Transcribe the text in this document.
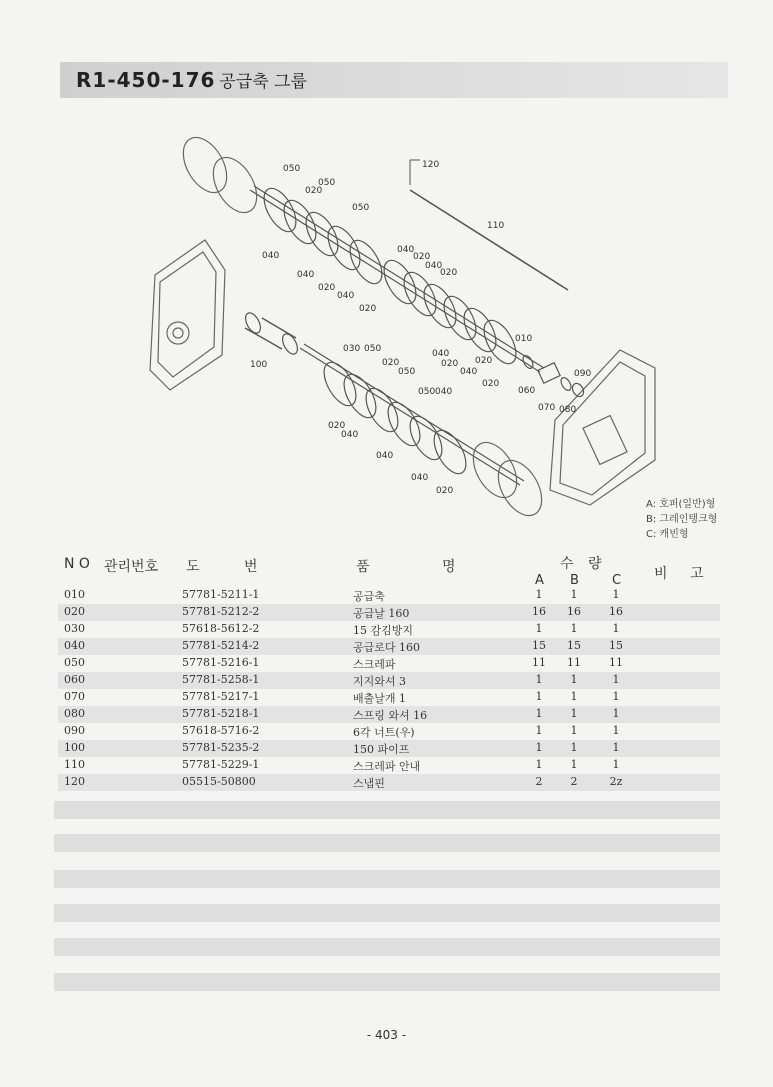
R1-450-176 공급축 그룹
120
050
050
020
050
110
040
040
020
040
020
040
040
020
020
040
010
100
030 050
020
050
020
050 040
020
040
020
060
090
070 080
020
040
040
040
020
A: 호퍼(일반)형
B: 그레인탱크형
C: 캐빈형
N O 관리번호 도	번	품	명	수 량
A B	C 비 고
010	57781-5211-1	공급축	1	1	1
020	57781-5212-2	공급날 160	16 16	16
030	57618-5612-2	15 감김방지	1	1	1
040	57781-5214-2	공급로다 160	15 15	15
050	57781-5216-1	스크레파	11 11	11
060	57781-5258-1	지지와셔 3	1	1	1
070	57781-5217-1	배출날개 1	1	1	1
080	57781-5218-1	스프링 와셔 16	1	1	1
090	57618-5716-2	6각 너트(우)	1	1	1
100	57781-5235-2	150 파이프	1	1	1
110	57781-5229-1	스크레파 안내	1	1	1
120	05515-50800	스냅핀	2	2	2z
- 403 -
